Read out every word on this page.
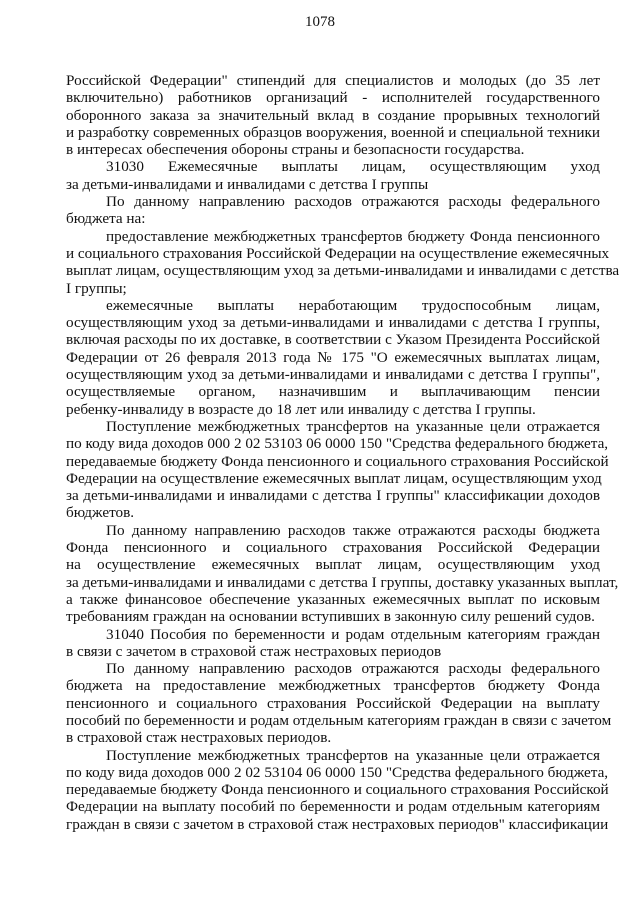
1078
Российской Федерации" стипендий для специалистов и молодых (до 35 лет
включительно) работников организаций - исполнителей государственного
оборонного заказа за значительный вклад в создание прорывных технологий
и разработку современных образцов вооружения, военной и специальной техники
в интересах обеспечения обороны страны и безопасности государства.
31030 Ежемесячные выплаты лицам, осуществляющим уход
за детьми-инвалидами и инвалидами с детства I группы
По данному направлению расходов отражаются расходы федерального
бюджета на:
предоставление межбюджетных трансфертов бюджету Фонда пенсионного
и социального страхования Российской Федерации на осуществление ежемесячных
выплат лицам, осуществляющим уход за детьми-инвалидами и инвалидами с детства
I группы;
ежемесячные выплаты неработающим трудоспособным лицам,
осуществляющим уход за детьми-инвалидами и инвалидами с детства I группы,
включая расходы по их доставке, в соответствии с Указом Президента Российской
Федерации от 26 февраля 2013 года № 175 "О ежемесячных выплатах лицам,
осуществляющим уход за детьми-инвалидами и инвалидами с детства I группы",
осуществляемые органом, назначившим и выплачивающим пенсии
ребенку-инвалиду в возрасте до 18 лет или инвалиду с детства I группы.
Поступление межбюджетных трансфертов на указанные цели отражается
по коду вида доходов 000 2 02 53103 06 0000 150 "Средства федерального бюджета,
передаваемые бюджету Фонда пенсионного и социального страхования Российской
Федерации на осуществление ежемесячных выплат лицам, осуществляющим уход
за детьми-инвалидами и инвалидами с детства I группы" классификации доходов
бюджетов.
По данному направлению расходов также отражаются расходы бюджета
Фонда пенсионного и социального страхования Российской Федерации
на осуществление ежемесячных выплат лицам, осуществляющим уход
за детьми-инвалидами и инвалидами с детства I группы, доставку указанных выплат,
а также финансовое обеспечение указанных ежемесячных выплат по исковым
требованиям граждан на основании вступивших в законную силу решений судов.
31040 Пособия по беременности и родам отдельным категориям граждан
в связи с зачетом в страховой стаж нестраховых периодов
По данному направлению расходов отражаются расходы федерального
бюджета на предоставление межбюджетных трансфертов бюджету Фонда
пенсионного и социального страхования Российской Федерации на выплату
пособий по беременности и родам отдельным категориям граждан в связи с зачетом
в страховой стаж нестраховых периодов.
Поступление межбюджетных трансфертов на указанные цели отражается
по коду вида доходов 000 2 02 53104 06 0000 150 "Средства федерального бюджета,
передаваемые бюджету Фонда пенсионного и социального страхования Российской
Федерации на выплату пособий по беременности и родам отдельным категориям
граждан в связи с зачетом в страховой стаж нестраховых периодов" классификации
